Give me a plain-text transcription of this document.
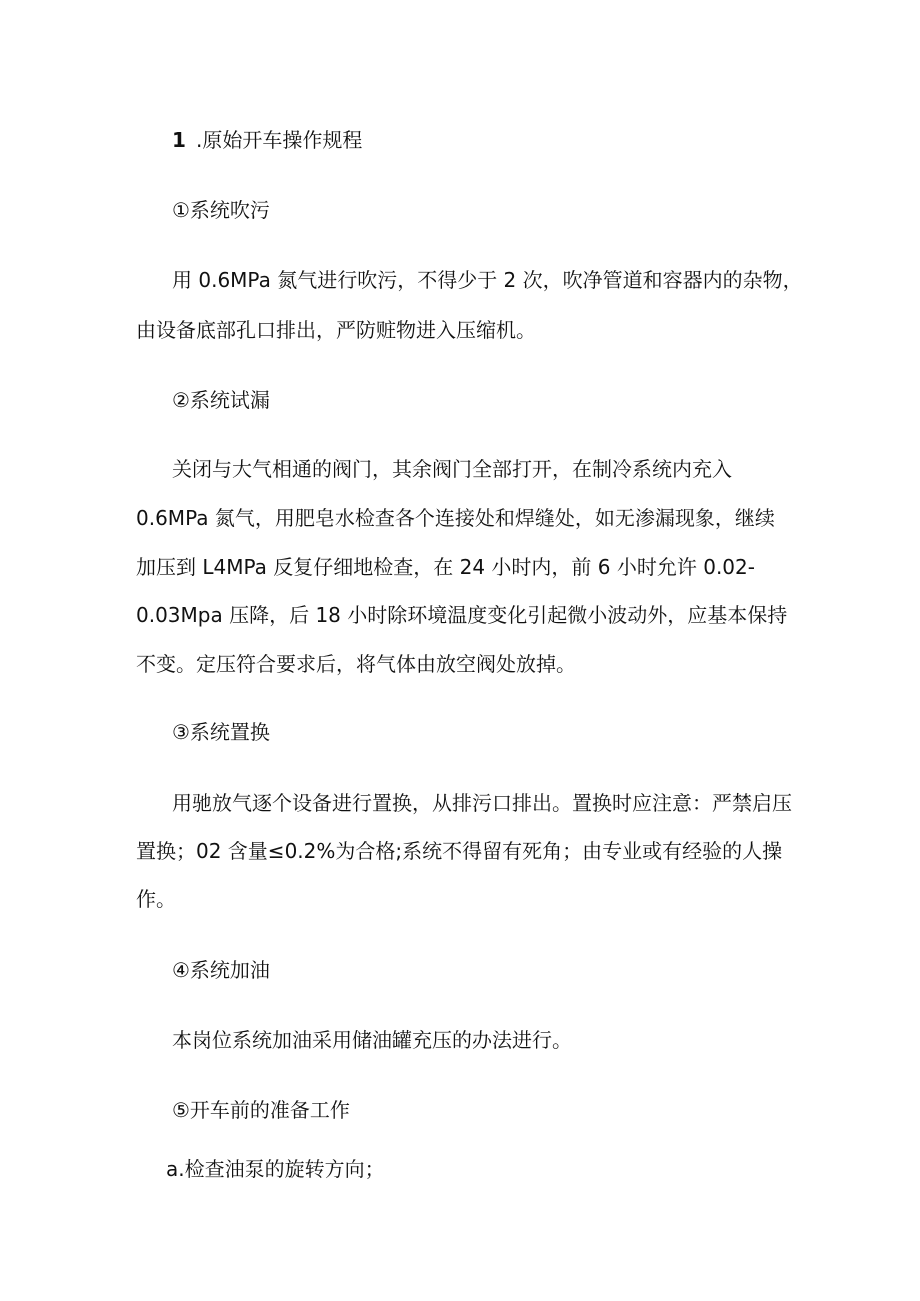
1 .原始开车操作规程
①系统吹污
用 0.6MPa 氮气进行吹污，不得少于 2 次，吹净管道和容器内的杂物，
由设备底部孔口排出，严防赃物进入压缩机。
②系统试漏
关闭与大气相通的阀门，其余阀门全部打开，在制冷系统内充入
0.6MPa 氮气，用肥皂水检查各个连接处和焊缝处，如无渗漏现象，继续
加压到 L4MPa 反复仔细地检查，在 24 小时内，前 6 小时允许 0.02-
0.03Mpa 压降，后 18 小时除环境温度变化引起微小波动外，应基本保持
不变。定压符合要求后，将气体由放空阀处放掉。
③系统置换
用驰放气逐个设备进行置换，从排污口排出。置换时应注意：严禁启压
置换；02 含量≤0.2%为合格;系统不得留有死角；由专业或有经验的人操
作。
④系统加油
本岗位系统加油采用储油罐充压的办法进行。
⑤开车前的准备工作
a.检查油泵的旋转方向；
